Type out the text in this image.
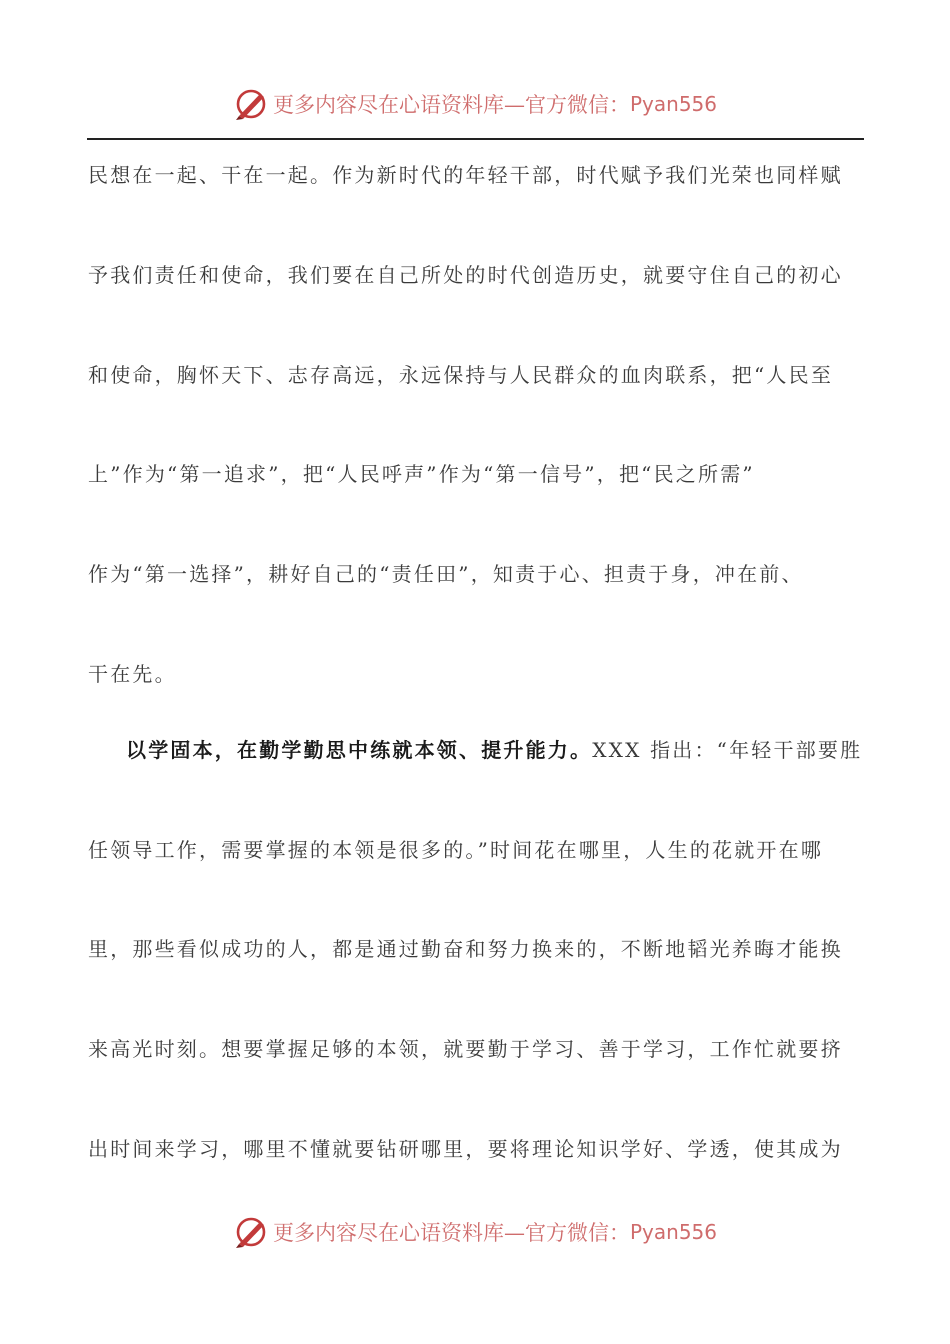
更多内容尽在心语资料库—官方微信： Pyan556
民想在一起、干在一起。作为新时代的年轻干部，时代赋予我们光荣也同样赋
予我们责任和使命，我们要在自己所处的时代创造历史，就要守住自己的初心
和使命，胸怀天下、志存高远，永远保持与人民群众的血肉联系，把“人民至
上”作为“第一追求”，把“人民呼声”作为“第一信号”，把“民之所需”
作为“第一选择”，耕好自己的“责任田”，知责于心、担责于身，冲在前、
干在先。
以学固本，在勤学勤思中练就本领、提升能力。XXX 指出：“年轻干部要胜
任领导工作，需要掌握的本领是很多的。”时间花在哪里，人生的花就开在哪
里，那些看似成功的人，都是通过勤奋和努力换来的，不断地韬光养晦才能换
来高光时刻。想要掌握足够的本领，就要勤于学习、善于学习，工作忙就要挤
出时间来学习，哪里不懂就要钻研哪里，要将理论知识学好、学透，使其成为
更多内容尽在心语资料库—官方微信： Pyan556
